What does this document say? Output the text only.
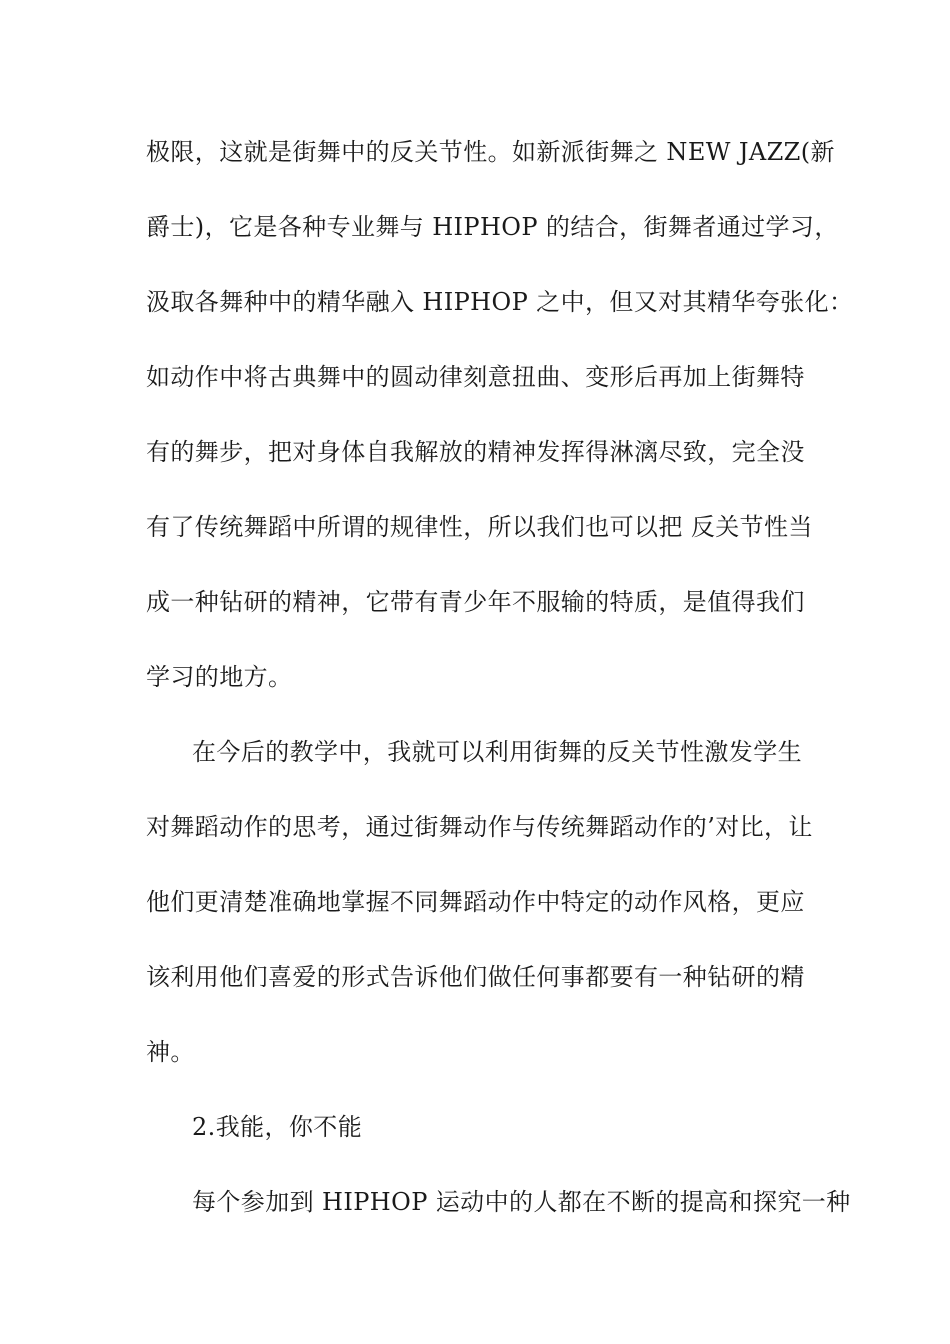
极限，这就是街舞中的反关节性。如新派街舞之 NEW JAZZ(新

爵士)，它是各种专业舞与 HIPHOP 的结合，街舞者通过学习，

汲取各舞种中的精华融入 HIPHOP 之中，但又对其精华夸张化：

如动作中将古典舞中的圆动律刻意扭曲、变形后再加上街舞特

有的舞步，把对身体自我解放的精神发挥得淋漓尽致，完全没

有了传统舞蹈中所谓的规律性，所以我们也可以把 反关节性当

成一种钻研的精神，它带有青少年不服输的特质，是值得我们

学习的地方。

在今后的教学中，我就可以利用街舞的反关节性激发学生

对舞蹈动作的思考，通过街舞动作与传统舞蹈动作的’对比，让

他们更清楚准确地掌握不同舞蹈动作中特定的动作风格，更应

该利用他们喜爱的形式告诉他们做任何事都要有一种钻研的精

神。

2.我能，你不能

每个参加到 HIPHOP 运动中的人都在不断的提高和探究一种
